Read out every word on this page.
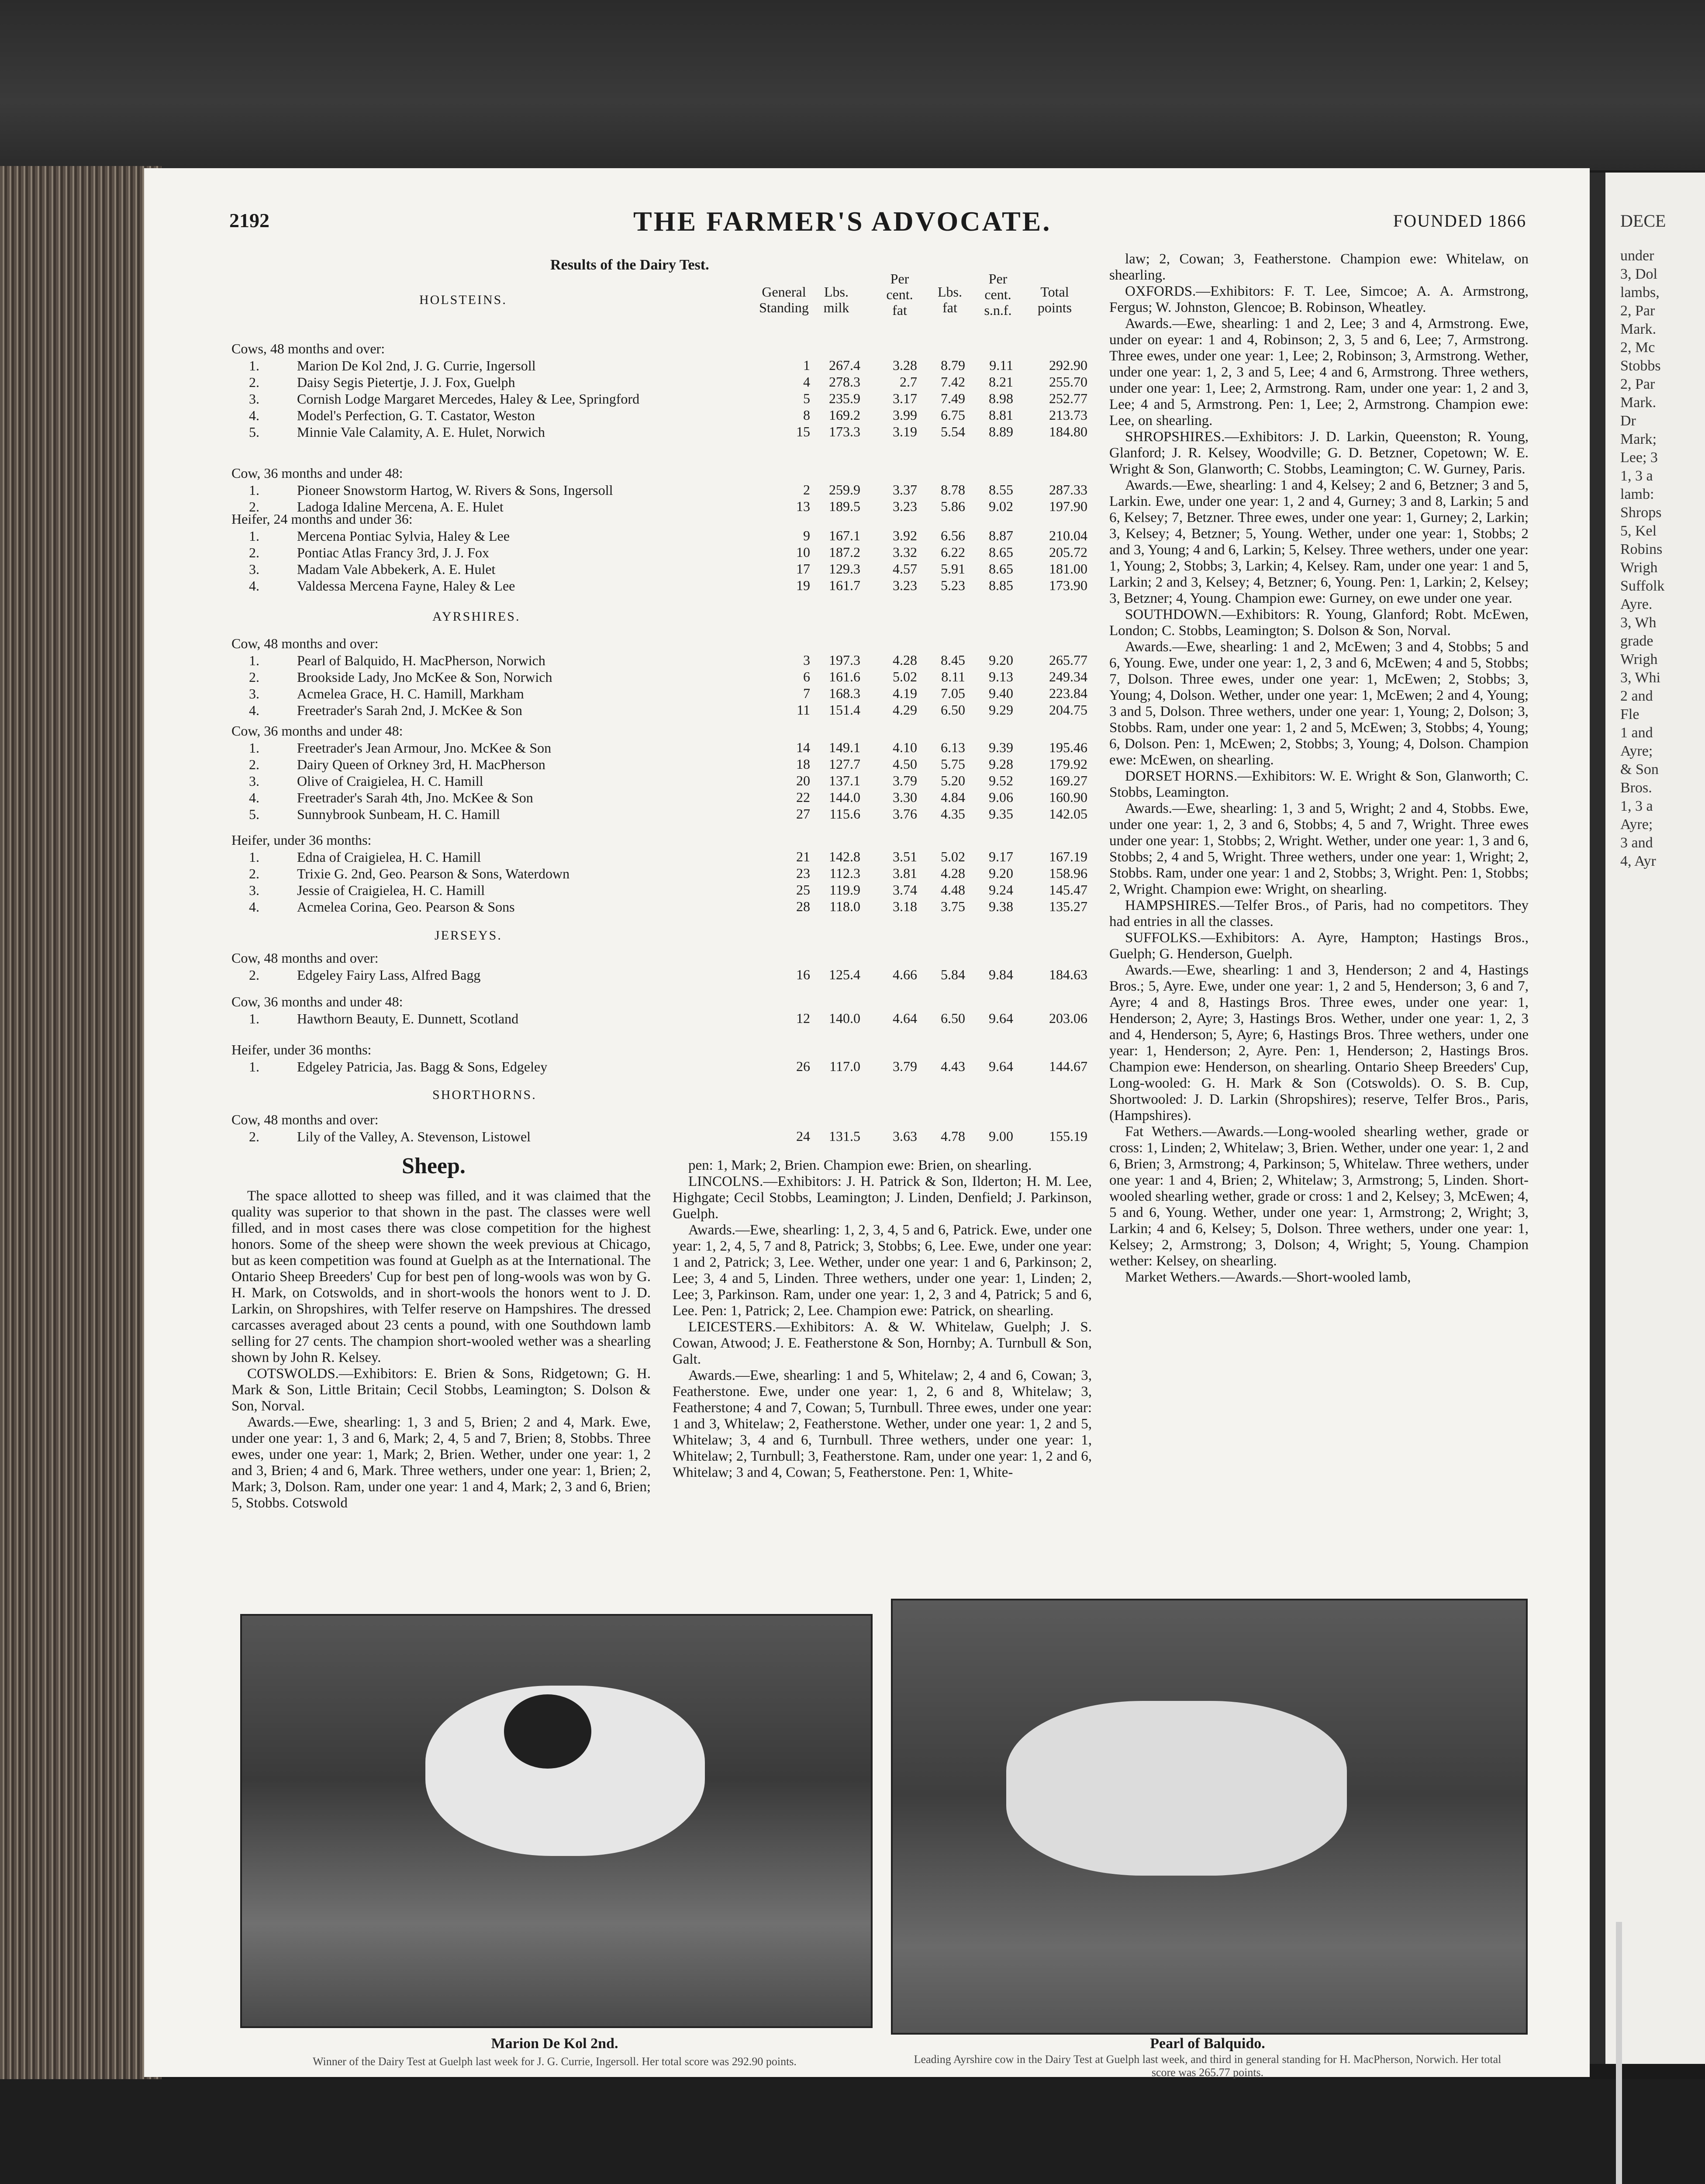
2192	THE FARMER'S ADVOCATE.	FOUNDED 1866
Results of the Dairy Test.
General Standing
Lbs. milk
Per cent. fat
Lbs. fat
Per cent. s.n.f.
Total points
HOLSTEINS.
AYRSHIRES.
JERSEYS.
SHORTHORNS.
Cows, 48 months and over:
1.	Marion De Kol 2nd, J. G. Currie, Ingersoll	1	267.4	3.28	8.79	9.11	292.90
2.	Daisy Segis Pietertje, J. J. Fox, Guelph	4	278.3	2.7	7.42	8.21	255.70
3.	Cornish Lodge Margaret Mercedes, Haley & Lee, Springford	5	235.9	3.17	7.49	8.98	252.77
4.	Model's Perfection, G. T. Castator, Weston	8	169.2	3.99	6.75	8.81	213.73
5.	Minnie Vale Calamity, A. E. Hulet, Norwich	15	173.3	3.19	5.54	8.89	184.80
Cow, 36 months and under 48:
1.	Pioneer Snowstorm Hartog, W. Rivers & Sons, Ingersoll	2	259.9	3.37	8.78	8.55	287.33
2.	Ladoga Idaline Mercena, A. E. Hulet	13	189.5	3.23	5.86	9.02	197.90
Heifer, 24 months and under 36:
1.	Mercena Pontiac Sylvia, Haley & Lee	9	167.1	3.92	6.56	8.87	210.04
2.	Pontiac Atlas Francy 3rd, J. J. Fox	10	187.2	3.32	6.22	8.65	205.72
3.	Madam Vale Abbekerk, A. E. Hulet	17	129.3	4.57	5.91	8.65	181.00
4.	Valdessa Mercena Fayne, Haley & Lee	19	161.7	3.23	5.23	8.85	173.90
Cow, 48 months and over:
1.	Pearl of Balquido, H. MacPherson, Norwich	3	197.3	4.28	8.45	9.20	265.77
2.	Brookside Lady, Jno McKee & Son, Norwich	6	161.6	5.02	8.11	9.13	249.34
3.	Acmelea Grace, H. C. Hamill, Markham	7	168.3	4.19	7.05	9.40	223.84
4.	Freetrader's Sarah 2nd, J. McKee & Son	11	151.4	4.29	6.50	9.29	204.75
Cow, 36 months and under 48:
1.	Freetrader's Jean Armour, Jno. McKee & Son	14	149.1	4.10	6.13	9.39	195.46
2.	Dairy Queen of Orkney 3rd, H. MacPherson	18	127.7	4.50	5.75	9.28	179.92
3.	Olive of Craigielea, H. C. Hamill	20	137.1	3.79	5.20	9.52	169.27
4.	Freetrader's Sarah 4th, Jno. McKee & Son	22	144.0	3.30	4.84	9.06	160.90
5.	Sunnybrook Sunbeam, H. C. Hamill	27	115.6	3.76	4.35	9.35	142.05
Heifer, under 36 months:
1.	Edna of Craigielea, H. C. Hamill	21	142.8	3.51	5.02	9.17	167.19
2.	Trixie G. 2nd, Geo. Pearson & Sons, Waterdown	23	112.3	3.81	4.28	9.20	158.96
3.	Jessie of Craigielea, H. C. Hamill	25	119.9	3.74	4.48	9.24	145.47
4.	Acmelea Corina, Geo. Pearson & Sons	28	118.0	3.18	3.75	9.38	135.27
Cow, 48 months and over:
2.	Edgeley Fairy Lass, Alfred Bagg	16	125.4	4.66	5.84	9.84	184.63
Cow, 36 months and under 48:
1.	Hawthorn Beauty, E. Dunnett, Scotland	12	140.0	4.64	6.50	9.64	203.06
Heifer, under 36 months:
1.	Edgeley Patricia, Jas. Bagg & Sons, Edgeley	26	117.0	3.79	4.43	9.64	144.67
Cow, 48 months and over:
2.	Lily of the Valley, A. Stevenson, Listowel	24	131.5	3.63	4.78	9.00	155.19
Sheep.

The space allotted to sheep was filled, and it was claimed that the quality was superior to that shown in the past. The classes were well filled, and in most cases there was close competition for the highest honors. Some of the sheep were shown the week previous at Chicago, but as keen competition was found at Guelph as at the International. The Ontario Sheep Breeders' Cup for best pen of long-wools was won by G. H. Mark, on Cotswolds, and in short-wools the honors went to J. D. Larkin, on Shropshires, with Telfer reserve on Hampshires. The dressed carcasses averaged about 23 cents a pound, with one Southdown lamb selling for 27 cents. The champion short-wooled wether was a shearling shown by John R. Kelsey.

COTSWOLDS.—Exhibitors: E. Brien & Sons, Ridgetown; G. H. Mark & Son, Little Britain; Cecil Stobbs, Leamington; S. Dolson & Son, Norval.

Awards.—Ewe, shearling: 1, 3 and 5, Brien; 2 and 4, Mark. Ewe, under one year: 1, 3 and 6, Mark; 2, 4, 5 and 7, Brien; 8, Stobbs. Three ewes, under one year: 1, Mark; 2, Brien. Wether, under one year: 1, 2 and 3, Brien; 4 and 6, Mark. Three wethers, under one year: 1, Brien; 2, Mark; 3, Dolson. Ram, under one year: 1 and 4, Mark; 2, 3 and 6, Brien; 5, Stobbs. Cotswold

pen: 1, Mark; 2, Brien. Champion ewe: Brien, on shearling.

LINCOLNS.—Exhibitors: J. H. Patrick & Son, Ilderton; H. M. Lee, Highgate; Cecil Stobbs, Leamington; J. Linden, Denfield; J. Parkinson, Guelph.

Awards.—Ewe, shearling: 1, 2, 3, 4, 5 and 6, Patrick. Ewe, under one year: 1, 2, 4, 5, 7 and 8, Patrick; 3, Stobbs; 6, Lee. Ewe, under one year: 1 and 2, Patrick; 3, Lee. Wether, under one year: 1 and 6, Parkinson; 2, Lee; 3, 4 and 5, Linden. Three wethers, under one year: 1, Linden; 2, Lee; 3, Parkinson. Ram, under one year: 1, 2, 3 and 4, Patrick; 5 and 6, Lee. Pen: 1, Patrick; 2, Lee. Champion ewe: Patrick, on shearling.

LEICESTERS.—Exhibitors: A. & W. Whitelaw, Guelph; J. S. Cowan, Atwood; J. E. Featherstone & Son, Hornby; A. Turnbull & Son, Galt.

Awards.—Ewe, shearling: 1 and 5, Whitelaw; 2, 4 and 6, Cowan; 3, Featherstone. Ewe, under one year: 1, 2, 6 and 8, Whitelaw; 3, Featherstone; 4 and 7, Cowan; 5, Turnbull. Three ewes, under one year: 1 and 3, Whitelaw; 2, Featherstone. Wether, under one year: 1, 2 and 5, Whitelaw; 3, 4 and 6, Turnbull. Three wethers, under one year: 1, Whitelaw; 2, Turnbull; 3, Featherstone. Ram, under one year: 1, 2 and 6, Whitelaw; 3 and 4, Cowan; 5, Featherstone. Pen: 1, White-

law; 2, Cowan; 3, Featherstone. Champion ewe: Whitelaw, on shearling.

OXFORDS.—Exhibitors: F. T. Lee, Simcoe; A. A. Armstrong, Fergus; W. Johnston, Glencoe; B. Robinson, Wheatley.

Awards.—Ewe, shearling: 1 and 2, Lee; 3 and 4, Armstrong. Ewe, under on eyear: 1 and 4, Robinson; 2, 3, 5 and 6, Lee; 7, Armstrong. Three ewes, under one year: 1, Lee; 2, Robinson; 3, Armstrong. Wether, under one year: 1, 2, 3 and 5, Lee; 4 and 6, Armstrong. Three wethers, under one year: 1, Lee; 2, Armstrong. Ram, under one year: 1, 2 and 3, Lee; 4 and 5, Armstrong. Pen: 1, Lee; 2, Armstrong. Champion ewe: Lee, on shearling.

SHROPSHIRES.—Exhibitors: J. D. Larkin, Queenston; R. Young, Glanford; J. R. Kelsey, Woodville; G. D. Betzner, Copetown; W. E. Wright & Son, Glanworth; C. Stobbs, Leamington; C. W. Gurney, Paris.

Awards.—Ewe, shearling: 1 and 4, Kelsey; 2 and 6, Betzner; 3 and 5, Larkin. Ewe, under one year: 1, 2 and 4, Gurney; 3 and 8, Larkin; 5 and 6, Kelsey; 7, Betzner. Three ewes, under one year: 1, Gurney; 2, Larkin; 3, Kelsey; 4, Betzner; 5, Young. Wether, under one year: 1, Stobbs; 2 and 3, Young; 4 and 6, Larkin; 5, Kelsey. Three wethers, under one year: 1, Young; 2, Stobbs; 3, Larkin; 4, Kelsey. Ram, under one year: 1 and 5, Larkin; 2 and 3, Kelsey; 4, Betzner; 6, Young. Pen: 1, Larkin; 2, Kelsey; 3, Betzner; 4, Young. Champion ewe: Gurney, on ewe under one year.

SOUTHDOWN.—Exhibitors: R. Young, Glanford; Robt. McEwen, London; C. Stobbs, Leamington; S. Dolson & Son, Norval.

Awards.—Ewe, shearling: 1 and 2, McEwen; 3 and 4, Stobbs; 5 and 6, Young. Ewe, under one year: 1, 2, 3 and 6, McEwen; 4 and 5, Stobbs; 7, Dolson. Three ewes, under one year: 1, McEwen; 2, Stobbs; 3, Young; 4, Dolson. Wether, under one year: 1, McEwen; 2 and 4, Young; 3 and 5, Dolson. Three wethers, under one year: 1, Young; 2, Dolson; 3, Stobbs. Ram, under one year: 1, 2 and 5, McEwen; 3, Stobbs; 4, Young; 6, Dolson. Pen: 1, McEwen; 2, Stobbs; 3, Young; 4, Dolson. Champion ewe: McEwen, on shearling.

DORSET HORNS.—Exhibitors: W. E. Wright & Son, Glanworth; C. Stobbs, Leamington.

Awards.—Ewe, shearling: 1, 3 and 5, Wright; 2 and 4, Stobbs. Ewe, under one year: 1, 2, 3 and 6, Stobbs; 4, 5 and 7, Wright. Three ewes under one year: 1, Stobbs; 2, Wright. Wether, under one year: 1, 3 and 6, Stobbs; 2, 4 and 5, Wright. Three wethers, under one year: 1, Wright; 2, Stobbs. Ram, under one year: 1 and 2, Stobbs; 3, Wright. Pen: 1, Stobbs; 2, Wright. Champion ewe: Wright, on shearling.

HAMPSHIRES.—Telfer Bros., of Paris, had no competitors. They had entries in all the classes.

SUFFOLKS.—Exhibitors: A. Ayre, Hampton; Hastings Bros., Guelph; G. Henderson, Guelph.

Awards.—Ewe, shearling: 1 and 3, Henderson; 2 and 4, Hastings Bros.; 5, Ayre. Ewe, under one year: 1, 2 and 5, Henderson; 3, 6 and 7, Ayre; 4 and 8, Hastings Bros. Three ewes, under one year: 1, Henderson; 2, Ayre; 3, Hastings Bros. Wether, under one year: 1, 2, 3 and 4, Henderson; 5, Ayre; 6, Hastings Bros. Three wethers, under one year: 1, Henderson; 2, Ayre. Pen: 1, Henderson; 2, Hastings Bros. Champion ewe: Henderson, on shearling. Ontario Sheep Breeders' Cup, Long-wooled: G. H. Mark & Son (Cotswolds). O. S. B. Cup, Shortwooled: J. D. Larkin (Shropshires); reserve, Telfer Bros., Paris, (Hampshires).

Fat Wethers.—Awards.—Long-wooled shearling wether, grade or cross: 1, Linden; 2, Whitelaw; 3, Brien. Wether, under one year: 1, 2 and 6, Brien; 3, Armstrong; 4, Parkinson; 5, Whitelaw. Three wethers, under one year: 1 and 4, Brien; 2, Whitelaw; 3, Armstrong; 5, Linden. Short-wooled shearling wether, grade or cross: 1 and 2, Kelsey; 3, McEwen; 4, 5 and 6, Young. Wether, under one year: 1, Armstrong; 2, Wright; 3, Larkin; 4 and 6, Kelsey; 5, Dolson. Three wethers, under one year: 1, Kelsey; 2, Armstrong; 3, Dolson; 4, Wright; 5, Young. Champion wether: Kelsey, on shearling.

Market Wethers.—Awards.—Short-wooled lamb,

Marion De Kol 2nd.
Winner of the Dairy Test at Guelph last week for J. G. Currie, Ingersoll. Her total score was 292.90 points.
Pearl of Balquido.
Leading Ayrshire cow in the Dairy Test at Guelph last week, and third in general standing for H. MacPherson, Norwich. Her total score was 265.77 points.
DECE
under
3, Dol
lambs,
2, Par
Mark.
2, Mc
Stobbs
2, Par
Mark.
Dr
Mark;
Lee; 3
1, 3 a
lamb:
Shrops
5, Kel
Robins
Wrigh
Suffolk
Ayre.
3, Wh
grade
Wrigh
3, Whi
2 and
Fle
1 and
Ayre;
& Son
Bros.
1, 3 a
Ayre;
3 and
4, Ayr
